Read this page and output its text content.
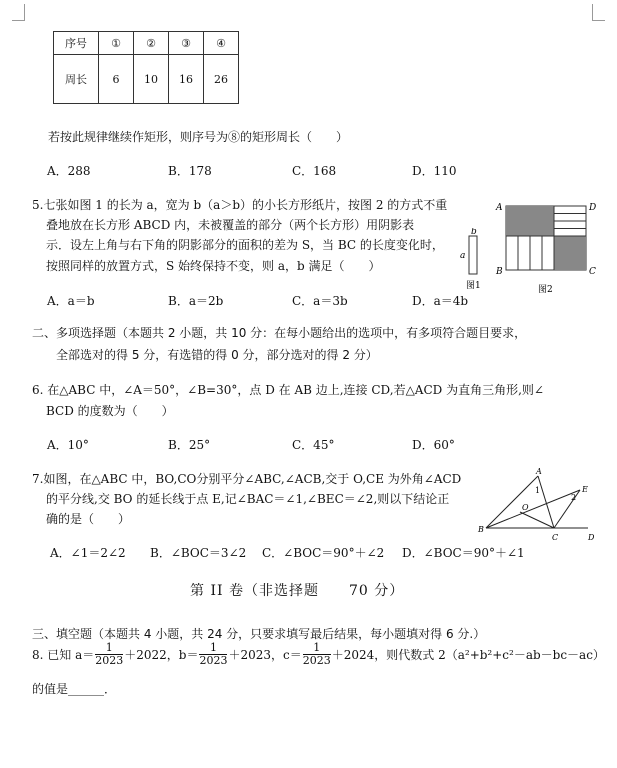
序号	①	②	③	④
周长	6	10	16	26
若按此规律继续作矩形，则序号为⑧的矩形周长（　　）
A．288	B．178	C．168	D．110
5.七张如图 1 的长为 a，宽为 b（a＞b）的小长方形纸片，按图 2 的方式不重
叠地放在长方形 ABCD 内，未被覆盖的部分（两个长方形）用阴影表
示．设左上角与右下角的阴影部分的面积的差为 S，当 BC 的长度变化时，
按照同样的放置方式，S 始终保持不变，则 a，b 满足（　　）
A．a＝b	B．a＝2b	C．a＝3b	D．a＝4b
b
a
图1
A	D
B	C
图2
二、多项选择题（本题共 2 小题，共 10 分：在每小题给出的选项中，有多项符合题目要求，
全部选对的得 5 分，有选错的得 0 分，部分选对的得 2 分）
6. 在△ABC 中，∠A＝50°，∠B=30°，点 D 在 AB 边上,连接 CD,若△ACD 为直角三角形,则∠
BCD 的度数为（　　）
A．10°	B．25°	C．45°	D．60°
7.如图，在△ABC 中，BO,CO分别平分∠ABC,∠ACB,交于 O,CE 为外角∠ACD
的平分线,交 BO 的延长线于点 E,记∠BAC＝∠1,∠BEC＝∠2,则以下结论正
确的是（　　）
A．∠1＝2∠2 B．∠BOC＝3∠2 C．∠BOC＝90°＋∠2 D．∠BOC＝90°＋∠1
A
B
C	D
E
O
1
2
第 II 卷（非选择题　　70 分）
三、填空题（本题共 4 小题，共 24 分，只要求填写最后结果，每小题填对得 6 分.）
8. 已知 $a= \frac{1}{2023} +2022$，$b= \frac{1}{2023} +2023$，$c= \frac{1}{2023} +2024$，则代数式 2（a²+b²+c²－ab－bc－ac）
的值是______．
